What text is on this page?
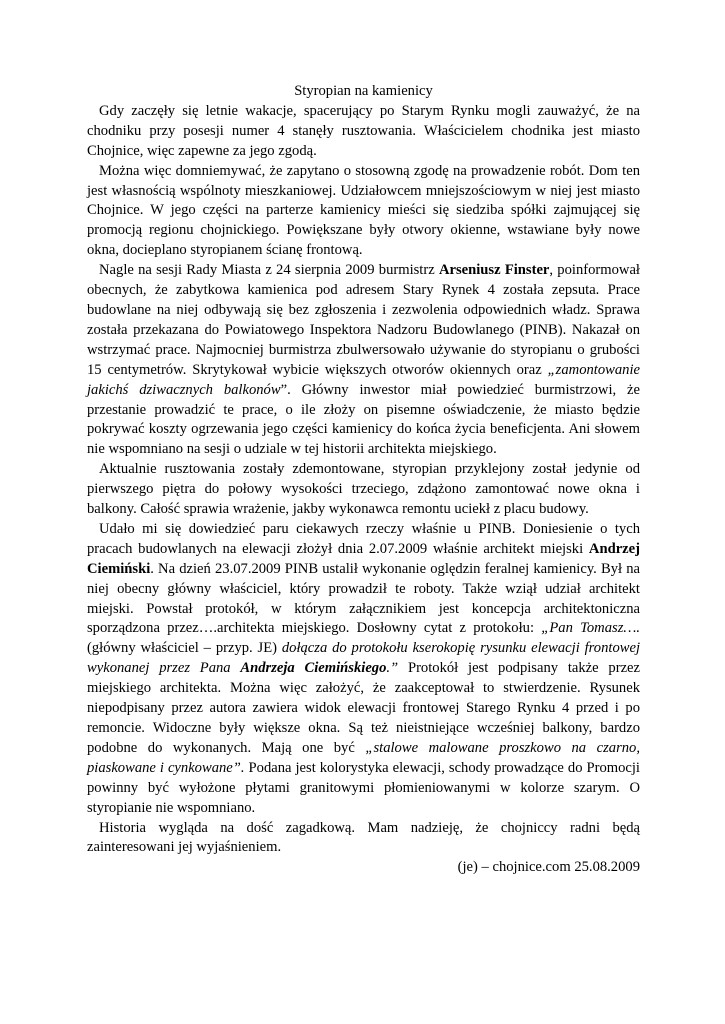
Styropian na kamienicy

Gdy zaczęły się letnie wakacje, spacerujący po Starym Rynku mogli zauważyć, że na chodniku przy posesji numer 4 stanęły rusztowania. Właścicielem chodnika jest miasto Chojnice, więc zapewne za jego zgodą.

Można więc domniemywać, że zapytano o stosowną zgodę na prowadzenie robót. Dom ten jest własnością wspólnoty mieszkaniowej. Udziałowcem mniejszościowym w niej jest miasto Chojnice. W jego części na parterze kamienicy mieści się siedziba spółki zajmującej się promocją regionu chojnickiego. Powiększane były otwory okienne, wstawiane były nowe okna, docieplano styropianem ścianę frontową.

Nagle na sesji Rady Miasta z 24 sierpnia 2009 burmistrz Arseniusz Finster, poinformował obecnych, że zabytkowa kamienica pod adresem Stary Rynek 4 została zepsuta. Prace budowlane na niej odbywają się bez zgłoszenia i zezwolenia odpowiednich władz. Sprawa została przekazana do Powiatowego Inspektora Nadzoru Budowlanego (PINB). Nakazał on wstrzymać prace. Najmocniej burmistrza zbulwersowało używanie do styropianu o grubości 15 centymetrów. Skrytykował wybicie większych otworów okiennych oraz „zamontowanie jakichś dziwacznych balkonów”. Główny inwestor miał powiedzieć burmistrzowi, że przestanie prowadzić te prace, o ile złoży on pisemne oświadczenie, że miasto będzie pokrywać koszty ogrzewania jego części kamienicy do końca życia beneficjenta. Ani słowem nie wspomniano na sesji o udziale w tej historii architekta miejskiego.

Aktualnie rusztowania zostały zdemontowane, styropian przyklejony został jedynie od pierwszego piętra do połowy wysokości trzeciego, zdążono zamontować nowe okna i balkony. Całość sprawia wrażenie, jakby wykonawca remontu uciekł z placu budowy.

Udało mi się dowiedzieć paru ciekawych rzeczy właśnie u PINB. Doniesienie o tych pracach budowlanych na elewacji złożył dnia 2.07.2009 właśnie architekt miejski Andrzej Ciemiński. Na dzień 23.07.2009 PINB ustalił wykonanie oględzin feralnej kamienicy. Był na niej obecny główny właściciel, który prowadził te roboty. Także wziął udział architekt miejski. Powstał protokół, w którym załącznikiem jest koncepcja architektoniczna sporządzona przez….architekta miejskiego. Dosłowny cytat z protokołu: „Pan Tomasz…. (główny właściciel – przyp. JE) dołącza do protokołu kserokopię rysunku elewacji frontowej wykonanej przez Pana Andrzeja Ciemińskiego.” Protokół jest podpisany także przez miejskiego architekta. Można więc założyć, że zaakceptował to stwierdzenie. Rysunek niepodpisany przez autora zawiera widok elewacji frontowej Starego Rynku 4 przed i po remoncie. Widoczne były większe okna. Są też nieistniejące wcześniej balkony, bardzo podobne do wykonanych. Mają one być „stalowe malowane proszkowo na czarno, piaskowane i cynkowane”. Podana jest kolorystyka elewacji, schody prowadzące do Promocji powinny być wyłożone płytami granitowymi płomieniowanymi w kolorze szarym. O styropianie nie wspomniano.

Historia wygląda na dość zagadkową. Mam nadzieję, że chojniccy radni będą zainteresowani jej wyjaśnieniem.

(je) – chojnice.com 25.08.2009
